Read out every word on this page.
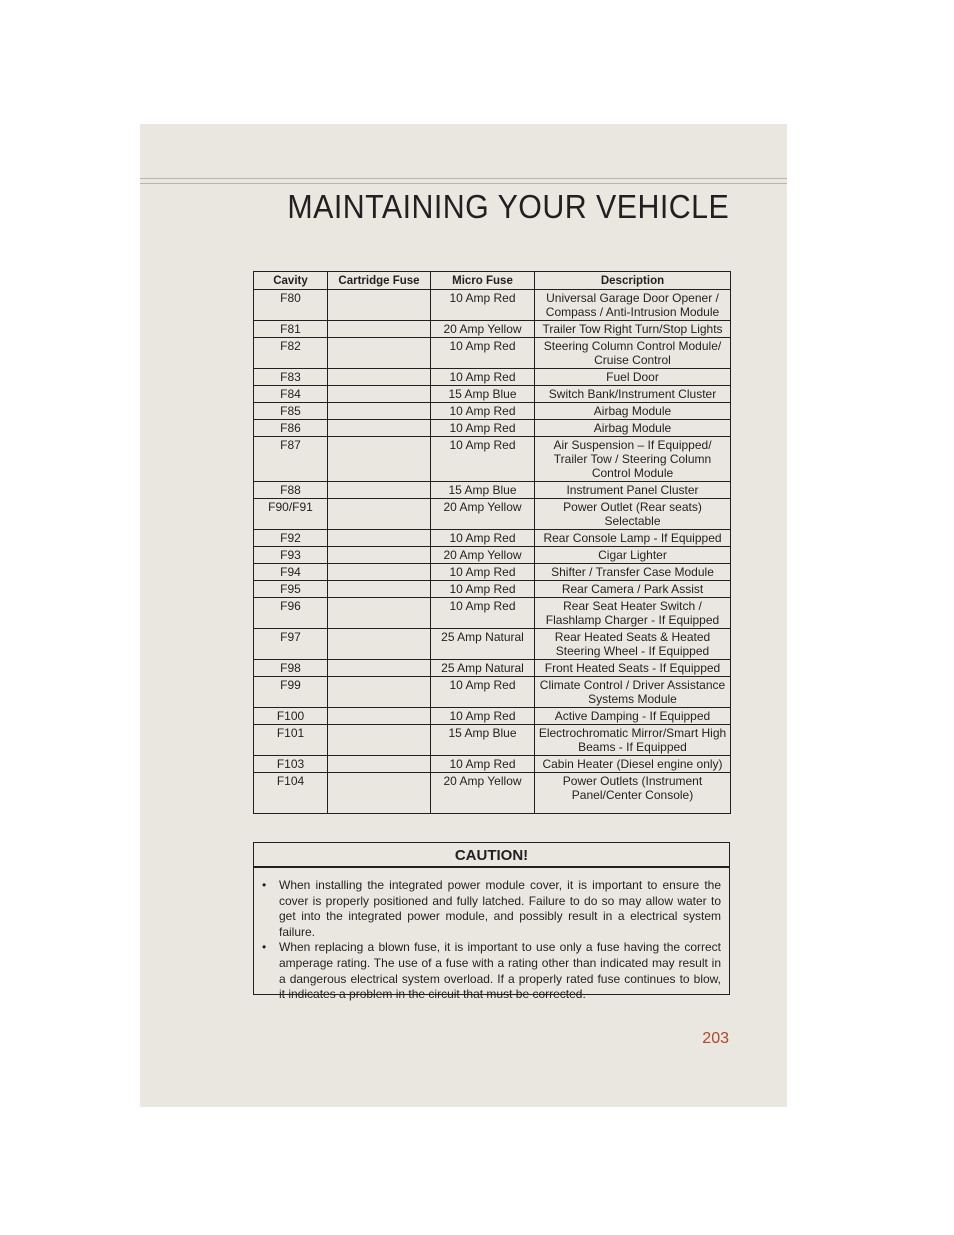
MAINTAINING YOUR VEHICLE
Cavity	Cartridge Fuse	Micro Fuse	Description
F80		10 Amp Red	Universal Garage Door Opener / Compass / Anti-Intrusion Module
F81		20 Amp Yellow	Trailer Tow Right Turn/Stop Lights
F82		10 Amp Red	Steering Column Control Module/ Cruise Control
F83		10 Amp Red	Fuel Door
F84		15 Amp Blue	Switch Bank/Instrument Cluster
F85		10 Amp Red	Airbag Module
F86		10 Amp Red	Airbag Module
F87		10 Amp Red	Air Suspension – If Equipped/ Trailer Tow / Steering Column Control Module
F88		15 Amp Blue	Instrument Panel Cluster
F90/F91		20 Amp Yellow	Power Outlet (Rear seats) Selectable
F92		10 Amp Red	Rear Console Lamp - If Equipped
F93		20 Amp Yellow	Cigar Lighter
F94		10 Amp Red	Shifter / Transfer Case Module
F95		10 Amp Red	Rear Camera / Park Assist
F96		10 Amp Red	Rear Seat Heater Switch / Flashlamp Charger - If Equipped
F97		25 Amp Natural	Rear Heated Seats & Heated Steering Wheel - If Equipped
F98		25 Amp Natural	Front Heated Seats - If Equipped
F99		10 Amp Red	Climate Control / Driver Assistance Systems Module
F100		10 Amp Red	Active Damping - If Equipped
F101		15 Amp Blue	Electrochromatic Mirror/Smart High Beams - If Equipped
F103		10 Amp Red	Cabin Heater (Diesel engine only)
F104		20 Amp Yellow	Power Outlets (Instrument Panel/Center Console)
CAUTION!
• When installing the integrated power module cover, it is important to ensure the cover is properly positioned and fully latched. Failure to do so may allow water to get into the integrated power module, and possibly result in a electrical system failure.
• When replacing a blown fuse, it is important to use only a fuse having the correct amperage rating. The use of a fuse with a rating other than indicated may result in a dangerous electrical system overload. If a properly rated fuse continues to blow, it indicates a problem in the circuit that must be corrected.
203
